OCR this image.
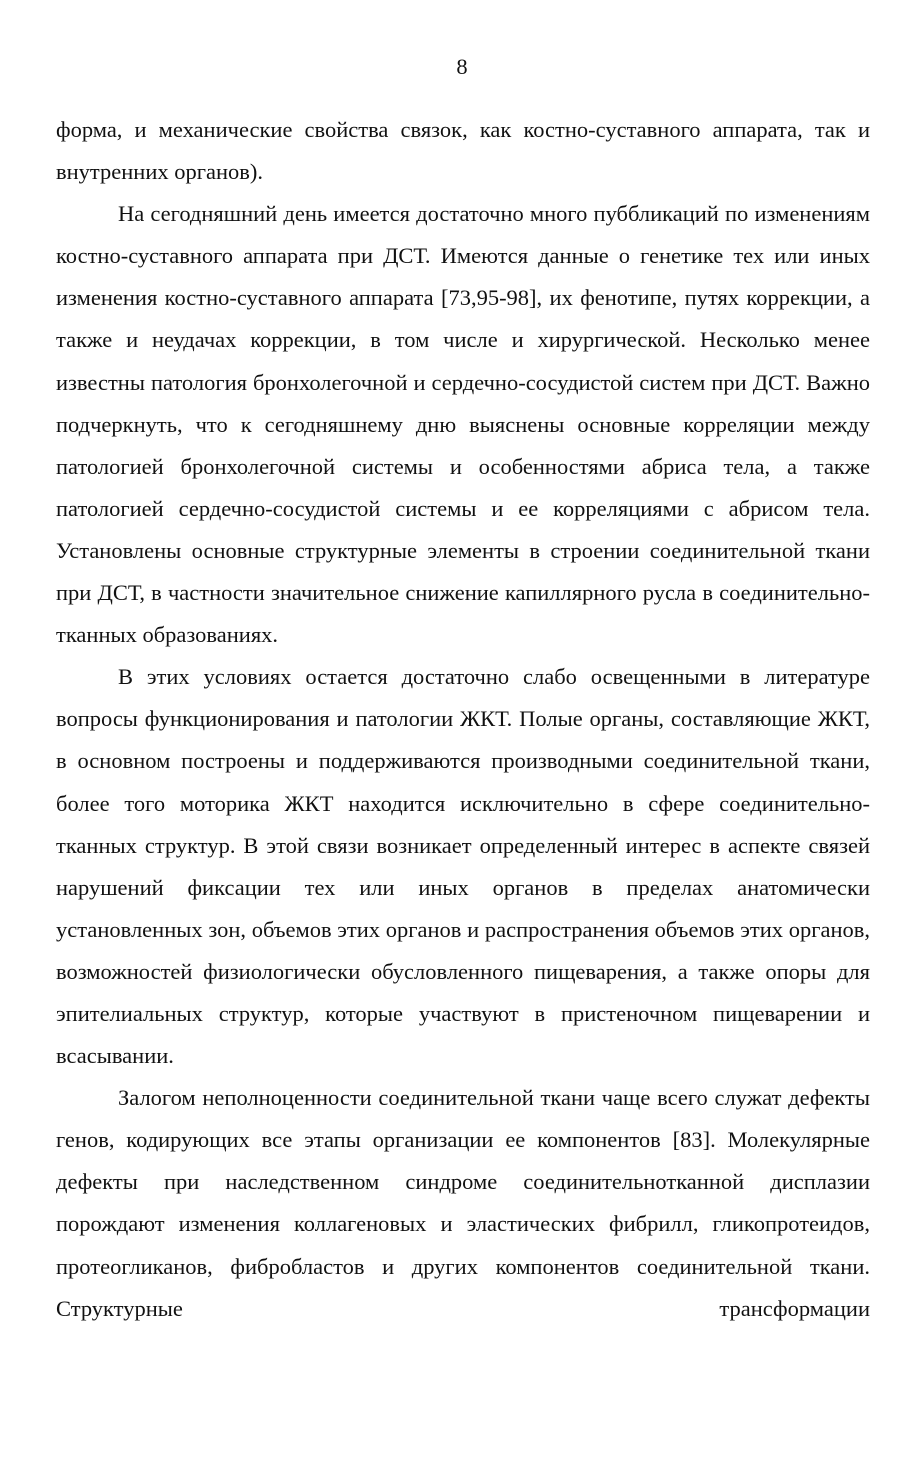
8

форма, и механические свойства связок, как костно-суставного аппарата, так и внутренних органов).

На сегодняшний день имеется достаточно много пуббликаций по изменениям костно-суставного аппарата при ДСТ. Имеются данные о генетике тех или иных изменения костно-суставного аппарата [73,95-98], их фенотипе, путях коррекции, а также и неудачах коррекции, в том числе и хирургической. Несколько менее известны патология бронхолегочной и сердечно-сосудистой систем при ДСТ. Важно подчеркнуть, что к сегодняшнему дню выяснены основные корреляции между патологией бронхолегочной системы и особенностями абриса тела, а также патологией сердечно-сосудистой системы и ее корреляциями с абрисом тела. Установлены основные структурные элементы в строении соединительной ткани при ДСТ, в частности значительное снижение капиллярного русла в соединительно-тканных образованиях.

В этих условиях остается достаточно слабо освещенными в литературе вопросы функционирования и патологии ЖКТ. Полые органы, составляющие ЖКТ, в основном построены и поддерживаются производными соединительной ткани, более того моторика ЖКТ находится исключительно в сфере соединительно-тканных структур. В этой связи возникает определенный интерес в аспекте связей нарушений фиксации тех или иных органов в пределах анатомически установленных зон, объемов этих органов и распространения объемов этих органов, возможностей физиологически обусловленного пищеварения, а также опоры для эпителиальных структур, которые участвуют в пристеночном пищеварении и всасывании.

Залогом неполноценности соединительной ткани чаще всего служат дефекты генов, кодирующих все этапы организации ее компонентов [83]. Молекулярные дефекты при наследственном синдроме соединительнотканной дисплазии порождают изменения коллагеновых и эластических фибрилл, гликопротеидов, протеогликанов, фибробластов и других компонентов соединительной ткани. Структурные трансформации
